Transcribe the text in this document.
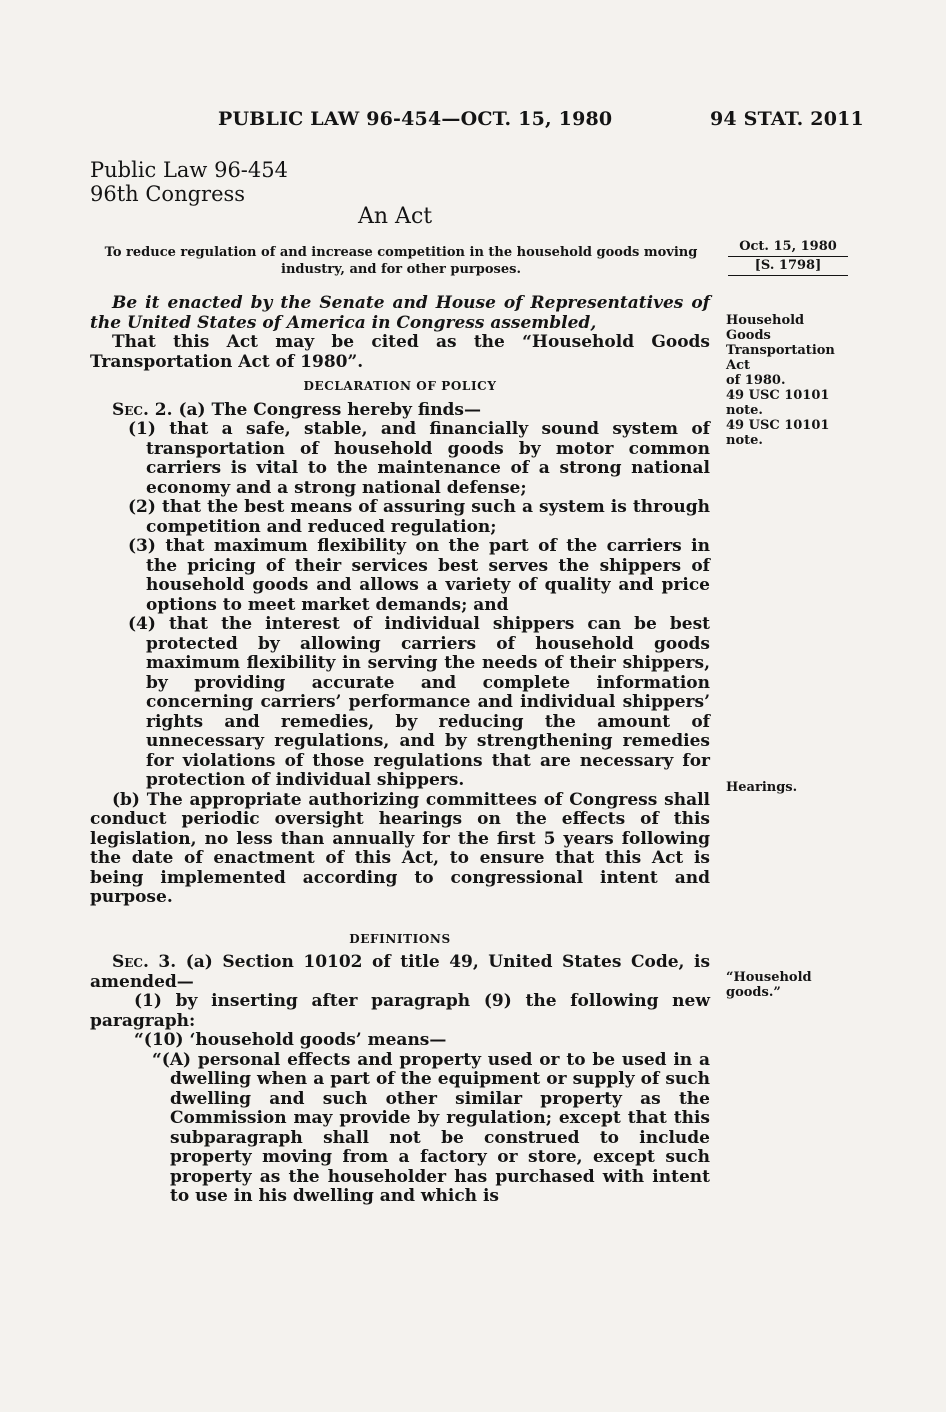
PUBLIC LAW 96-454—OCT. 15, 1980	94 STAT. 2011
Public Law 96-454
96th Congress
An Act
To reduce regulation of and increase competition in the household goods moving industry, and for other purposes.
Oct. 15, 1980
[S. 1798]
Household
Goods
Transportation
Act
of 1980.
49 USC 10101
note.
49 USC 10101
note.
Hearings.
“Household
goods.”

Be it enacted by the Senate and House of Representatives of the United States of America in Congress assembled,

That this Act may be cited as the “Household Goods Transportation Act of 1980”.

DECLARATION OF POLICY

Sec. 2. (a) The Congress hereby finds—

(1) that a safe, stable, and financially sound system of transportation of household goods by motor common carriers is vital to the maintenance of a strong national economy and a strong national defense;

(2) that the best means of assuring such a system is through competition and reduced regulation;

(3) that maximum flexibility on the part of the carriers in the pricing of their services best serves the shippers of household goods and allows a variety of quality and price options to meet market demands; and

(4) that the interest of individual shippers can be best protected by allowing carriers of household goods maximum flexibility in serving the needs of their shippers, by providing accurate and complete information concerning carriers’ performance and individual shippers’ rights and remedies, by reducing the amount of unnecessary regulations, and by strengthening remedies for violations of those regulations that are necessary for protection of individual shippers.

(b) The appropriate authorizing committees of Congress shall conduct periodic oversight hearings on the effects of this legislation, no less than annually for the first 5 years following the date of enactment of this Act, to ensure that this Act is being implemented according to congressional intent and purpose.

DEFINITIONS

Sec. 3. (a) Section 10102 of title 49, United States Code, is amended—

(1) by inserting after paragraph (9) the following new paragraph:

“(10) ‘household goods’ means—

“(A) personal effects and property used or to be used in a dwelling when a part of the equipment or supply of such dwelling and such other similar property as the Commission may provide by regulation; except that this subparagraph shall not be construed to include property moving from a factory or store, except such property as the householder has purchased with intent to use in his dwelling and which is
